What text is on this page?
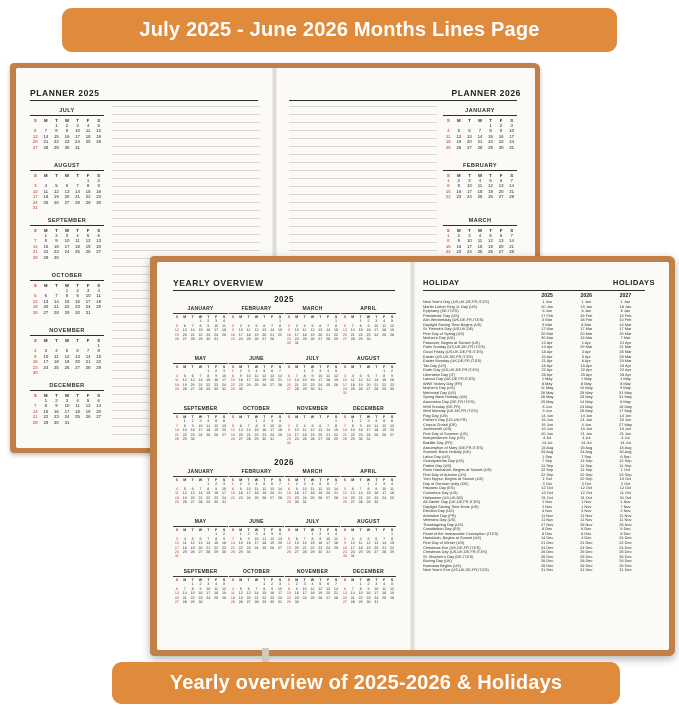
July 2025 - June 2026 Months Lines Page
PLANNER 2025
JULY
S	M	T	W	T	F	S
		1	2	3	4	5
6	7	8	9	10	11	12
13	14	15	16	17	18	19
20	21	22	23	24	25	26
27	28	29	30	31		
AUGUST
S	M	T	W	T	F	S
					1	2
3	4	5	6	7	8	9
10	11	12	13	14	15	16
17	18	19	20	21	22	23
24	25	26	27	28	29	30
31						
SEPTEMBER
S	M	T	W	T	F	S
	1	2	3	4	5	6
7	8	9	10	11	12	13
14	15	16	17	18	19	20
21	22	23	24	25	26	27
28	29	30				
OCTOBER
S	M	T	W	T	F	S
			1	2	3	4
5	6	7	8	9	10	11
12	13	14	15	16	17	18
19	20	21	22	23	24	25
26	27	28	29	30	31	
NOVEMBER
S	M	T	W	T	F	S
						1
2	3	4	5	6	7	8
9	10	11	12	13	14	15
16	17	18	19	20	21	22
23	24	25	26	27	28	29
30						
DECEMBER
S	M	T	W	T	F	S
	1	2	3	4	5	6
7	8	9	10	11	12	13
14	15	16	17	18	19	20
21	22	23	24	25	26	27
28	29	30	31			
PLANNER 2026
JANUARY
S	M	T	W	T	F	S
				1	2	3
4	5	6	7	8	9	10
11	12	13	14	15	16	17
18	19	20	21	22	23	24
25	26	27	28	29	30	31
FEBRUARY
S	M	T	W	T	F	S
1	2	3	4	5	6	7
8	9	10	11	12	13	14
15	16	17	18	19	20	21
22	23	24	25	26	27	28
MARCH
S	M	T	W	T	F	S
1	2	3	4	5	6	7
8	9	10	11	12	13	14
15	16	17	18	19	20	21
22	23	24	25	26	27	28

YEARLY OVERVIEW
2025
JANUARY
S	M	T	W	T	F	S
			1	2	3	4
5	6	7	8	9	10	11
12	13	14	15	16	17	18
19	20	21	22	23	24	25
26	27	28	29	30	31	
FEBRUARY
S	M	T	W	T	F	S
						1
2	3	4	5	6	7	8
9	10	11	12	13	14	15
16	17	18	19	20	21	22
23	24	25	26	27	28	
MARCH
S	M	T	W	T	F	S
						1
2	3	4	5	6	7	8
9	10	11	12	13	14	15
16	17	18	19	20	21	22
23	24	25	26	27	28	29
30	31					
APRIL
S	M	T	W	T	F	S
		1	2	3	4	5
6	7	8	9	10	11	12
13	14	15	16	17	18	19
20	21	22	23	24	25	26
27	28	29	30			
MAY
S	M	T	W	T	F	S
				1	2	3
4	5	6	7	8	9	10
11	12	13	14	15	16	17
18	19	20	21	22	23	24
25	26	27	28	29	30	31
JUNE
S	M	T	W	T	F	S
1	2	3	4	5	6	7
8	9	10	11	12	13	14
15	16	17	18	19	20	21
22	23	24	25	26	27	28
29	30					
JULY
S	M	T	W	T	F	S
		1	2	3	4	5
6	7	8	9	10	11	12
13	14	15	16	17	18	19
20	21	22	23	24	25	26
27	28	29	30	31		
AUGUST
S	M	T	W	T	F	S
					1	2
3	4	5	6	7	8	9
10	11	12	13	14	15	16
17	18	19	20	21	22	23
24	25	26	27	28	29	30
31						
SEPTEMBER
S	M	T	W	T	F	S
	1	2	3	4	5	6
7	8	9	10	11	12	13
14	15	16	17	18	19	20
21	22	23	24	25	26	27
28	29	30				
OCTOBER
S	M	T	W	T	F	S
			1	2	3	4
5	6	7	8	9	10	11
12	13	14	15	16	17	18
19	20	21	22	23	24	25
26	27	28	29	30	31	
NOVEMBER
S	M	T	W	T	F	S
						1
2	3	4	5	6	7	8
9	10	11	12	13	14	15
16	17	18	19	20	21	22
23	24	25	26	27	28	29
30						
DECEMBER
S	M	T	W	T	F	S
	1	2	3	4	5	6
7	8	9	10	11	12	13
14	15	16	17	18	19	20
21	22	23	24	25	26	27
28	29	30	31			
2026
JANUARY
S	M	T	W	T	F	S
				1	2	3
4	5	6	7	8	9	10
11	12	13	14	15	16	17
18	19	20	21	22	23	24
25	26	27	28	29	30	31
FEBRUARY
S	M	T	W	T	F	S
1	2	3	4	5	6	7
8	9	10	11	12	13	14
15	16	17	18	19	20	21
22	23	24	25	26	27	28
MARCH
S	M	T	W	T	F	S
1	2	3	4	5	6	7
8	9	10	11	12	13	14
15	16	17	18	19	20	21
22	23	24	25	26	27	28
29	30	31				
APRIL
S	M	T	W	T	F	S
			1	2	3	4
5	6	7	8	9	10	11
12	13	14	15	16	17	18
19	20	21	22	23	24	25
26	27	28	29	30		
MAY
S	M	T	W	T	F	S
					1	2
3	4	5	6	7	8	9
10	11	12	13	14	15	16
17	18	19	20	21	22	23
24	25	26	27	28	29	30
31						
JUNE
S	M	T	W	T	F	S
	1	2	3	4	5	6
7	8	9	10	11	12	13
14	15	16	17	18	19	20
21	22	23	24	25	26	27
28	29	30				
JULY
S	M	T	W	T	F	S
			1	2	3	4
5	6	7	8	9	10	11
12	13	14	15	16	17	18
19	20	21	22	23	24	25
26	27	28	29	30	31	
AUGUST
S	M	T	W	T	F	S
						1
2	3	4	5	6	7	8
9	10	11	12	13	14	15
16	17	18	19	20	21	22
23	24	25	26	27	28	29
30	31					
SEPTEMBER
S	M	T	W	T	F	S
		1	2	3	4	5
6	7	8	9	10	11	12
13	14	15	16	17	18	19
20	21	22	23	24	25	26
27	28	29	30			
OCTOBER
S	M	T	W	T	F	S
				1	2	3
4	5	6	7	8	9	10
11	12	13	14	15	16	17
18	19	20	21	22	23	24
25	26	27	28	29	30	31
NOVEMBER
S	M	T	W	T	F	S
1	2	3	4	5	6	7
8	9	10	11	12	13	14
15	16	17	18	19	20	21
22	23	24	25	26	27	28
29	30					
DECEMBER
S	M	T	W	T	F	S
		1	2	3	4	5
6	7	8	9	10	11	12
13	14	15	16	17	18	19
20	21	22	23	24	25	26
27	28	29	30	31		
HOLIDAY	HOLIDAYS
	2025	2026	2027
New Year's Day (US,UK,DE,FR,IT,ES)	1 Jan	1 Jan	1 Jan
Martin Luther King Jr. Day (US)	20 Jan	19 Jan	18 Jan
Epiphany (DE,IT,ES)	6 Jan	6 Jan	6 Jan
Presidents' Day (US)	17 Feb	16 Feb	15 Feb
Ash Wednesday (UK,DE,FR,IT,ES)	5 Mar	18 Feb	10 Feb
Daylight Saving Time Begins (US)	9 Mar	8 Mar	14 Mar
St. Patrick's Day (US,UK,DE)	17 Mar	17 Mar	17 Mar
First Day of Spring (US)	20 Mar	20 Mar	20 Mar
Mother's Day (UK)	30 Mar	15 Mar	7 Mar
Passover, Begins at Sunset (US)	12 Apr	1 Apr	21 Apr
Palm Sunday (US,UK,DE,FR,IT,ES)	13 Apr	29 Mar	21 Mar
Good Friday (US,UK,DE,FR,IT,ES)	18 Apr	3 Apr	26 Mar
Easter (US,UK,DE,FR,IT,ES)	20 Apr	5 Apr	28 Mar
Easter Monday (UK,DE,FR,IT,ES)	21 Apr	6 Apr	29 Mar
Tax Day (US)	15 Apr	15 Apr	15 Apr
Earth Day (US,UK,DE,FR,IT,ES)	22 Apr	22 Apr	22 Apr
Liberation Day (IT)	25 Apr	25 Apr	25 Apr
Labour Day (UK,DE,FR,IT,ES)	1 May	1 May	1 May
WWII Victory Day (FR)	8 May	8 May	8 May
Mother's Day (US)	11 May	10 May	9 May
Memorial Day (US)	26 May	25 May	31 May
Spring Bank Holiday (UK)	26 May	25 May	31 May
Ascension Day (DE,FR,IT,ES)	29 May	14 May	6 May
Whit Sunday (DE,FR)	8 Jun	24 May	16 May
Whit Monday (UK,DE,FR,IT,ES)	9 Jun	25 May	17 May
Flag Day (US)	14 Jun	14 Jun	14 Jun
Father's Day (US,UK,FR)	15 Jun	21 Jun	20 Jun
Corpus Christi (DE)	19 Jun	4 Jun	27 May
Juneteenth (US)	19 Jun	19 Jun	19 Jun
First Day of Summer (US)	20 Jun	21 Jun	21 Jun
Independence Day (US)	4 Jul	4 Jul	4 Jul
Bastille Day (FR)	14 Jul	14 Jul	14 Jul
Assumption of Mary (DE,FR,IT,ES)	15 Aug	15 Aug	15 Aug
Summer Bank Holiday (UK)	25 Aug	31 Aug	30 Aug
Labor Day (US)	1 Sep	7 Sep	6 Sep
Grandparents Day (US)	7 Sep	13 Sep	12 Sep
Patriot Day (US)	11 Sep	11 Sep	11 Sep
Rosh Hashanah, Begins at Sunset (US)	22 Sep	11 Sep	1 Oct
First Day of Autumn (US)	22 Sep	22 Sep	23 Sep
Yom Kippur, Begins at Sunset (US)	1 Oct	20 Sep	10 Oct
Day of German Unity (DE)	3 Oct	3 Oct	3 Oct
Hispanic Day (ES)	12 Oct	12 Oct	12 Oct
Columbus Day (US)	13 Oct	12 Oct	11 Oct
Halloween (US,UK,DE)	31 Oct	31 Oct	31 Oct
All Saints' Day (UK,DE,FR,IT,ES)	1 Nov	1 Nov	1 Nov
Daylight Saving Time Ends (US)	2 Nov	1 Nov	7 Nov
Election Day (US)	4 Nov	3 Nov	2 Nov
Armistice Day (FR)	11 Nov	11 Nov	11 Nov
Veterans Day (US)	11 Nov	11 Nov	11 Nov
Thanksgiving Day (US)	27 Nov	26 Nov	25 Nov
Constitution Day (ES)	6 Dec	6 Dec	6 Dec
Feast of the Immaculate Conception (IT,ES)	8 Dec	8 Dec	8 Dec
Hanukkah, Begins at Sunset (US)	14 Dec	4 Dec	24 Dec
First Day of Winter (US)	21 Dec	21 Dec	22 Dec
Christmas Eve (UK,DE,FR,IT,ES)	24 Dec	24 Dec	24 Dec
Christmas Day (US,UK,DE,FR,IT,ES)	25 Dec	25 Dec	25 Dec
St. Stephen's Day (DE,IT,ES)	26 Dec	26 Dec	26 Dec
Boxing Day (UK)	26 Dec	26 Dec	26 Dec
Kwanzaa Begins (US)	26 Dec	26 Dec	26 Dec
New Year's Eve (US,UK,DE,FR,IT,ES)	31 Dec	31 Dec	31 Dec
Yearly overview of 2025-2026 & Holidays
